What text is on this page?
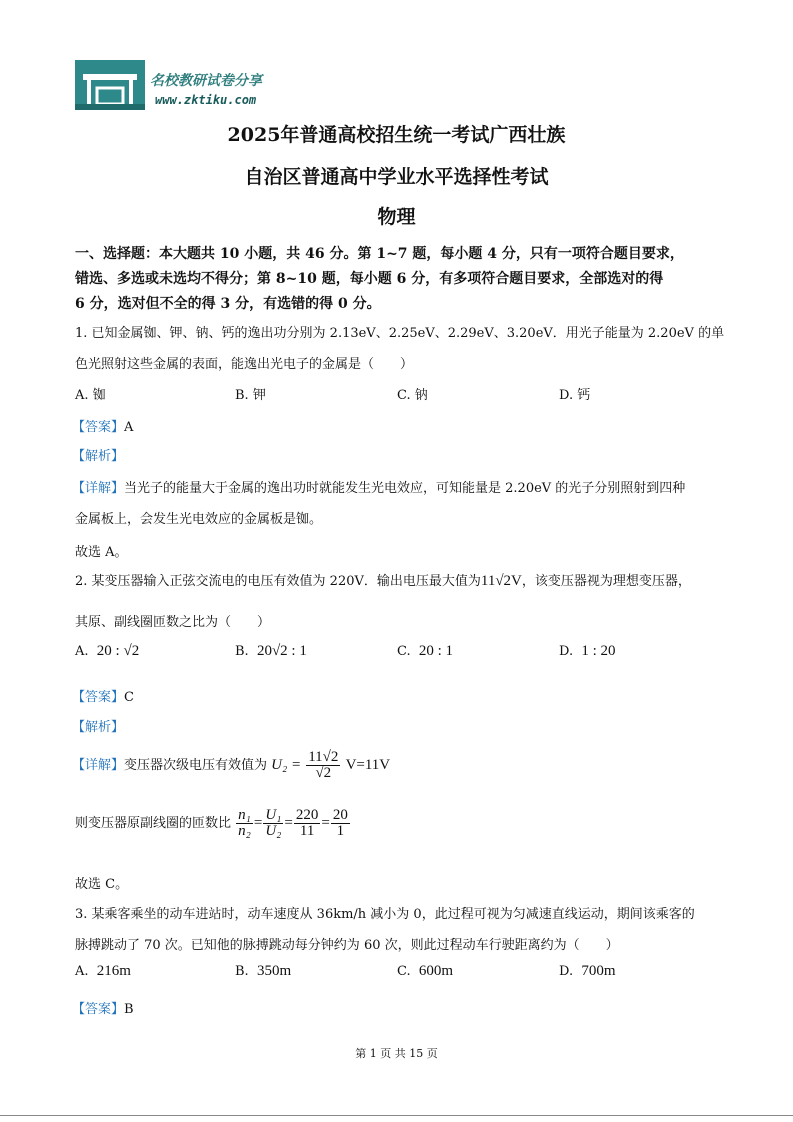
名校教研试卷分享
www.zktiku.com
2025年普通高校招生统一考试广西壮族
自治区普通高中学业水平选择性考试
物理
一、选择题：本大题共 10 小题，共 46 分。第 1~7 题，每小题 4 分，只有一项符合题目要求，
错选、多选或未选均不得分；第 8~10 题，每小题 6 分，有多项符合题目要求，全部选对的得
6 分，选对但不全的得 3 分，有选错的得 0 分。
1. 已知金属铷、钾、钠、钙的逸出功分别为 2.13eV、2.25eV、2.29eV、3.20eV．用光子能量为 2.20eV 的单
色光照射这些金属的表面，能逸出光电子的金属是（　　）
A. 铷	B. 钾	C. 钠	D. 钙
【答案】A
【解析】
【详解】当光子的能量大于金属的逸出功时就能发生光电效应，可知能量是 2.20eV 的光子分别照射到四种
金属板上，会发生光电效应的金属板是铷。
故选 A。
2. 某变压器输入正弦交流电的电压有效值为 220V．输出电压最大值为11√2V，该变压器视为理想变压器，
其原、副线圈匝数之比为（　　）
A. 20 : √2	B. 20√2 : 1	C. 20 : 1	D. 1 : 20
【答案】C
【解析】
【详解】变压器次级电压有效值为 $U_2 = \frac{11√2}{√2} V=11V$
则变压器原副线圈的匝数比 $\frac{\text{n₁}}{\text{n₂}} = \frac{\text{U₁}}{\text{U₂}} = \frac{220}{11} = \frac{20}{1}$
故选 C。
3. 某乘客乘坐的动车进站时，动车速度从 36km/h 减小为 0，此过程可视为匀减速直线运动，期间该乘客的
脉搏跳动了 70 次。已知他的脉搏跳动每分钟约为 60 次，则此过程动车行驶距离约为（　　）
A. 216m	B. 350m	C. 600m	D. 700m
【答案】B
第 1 页 共 15 页
